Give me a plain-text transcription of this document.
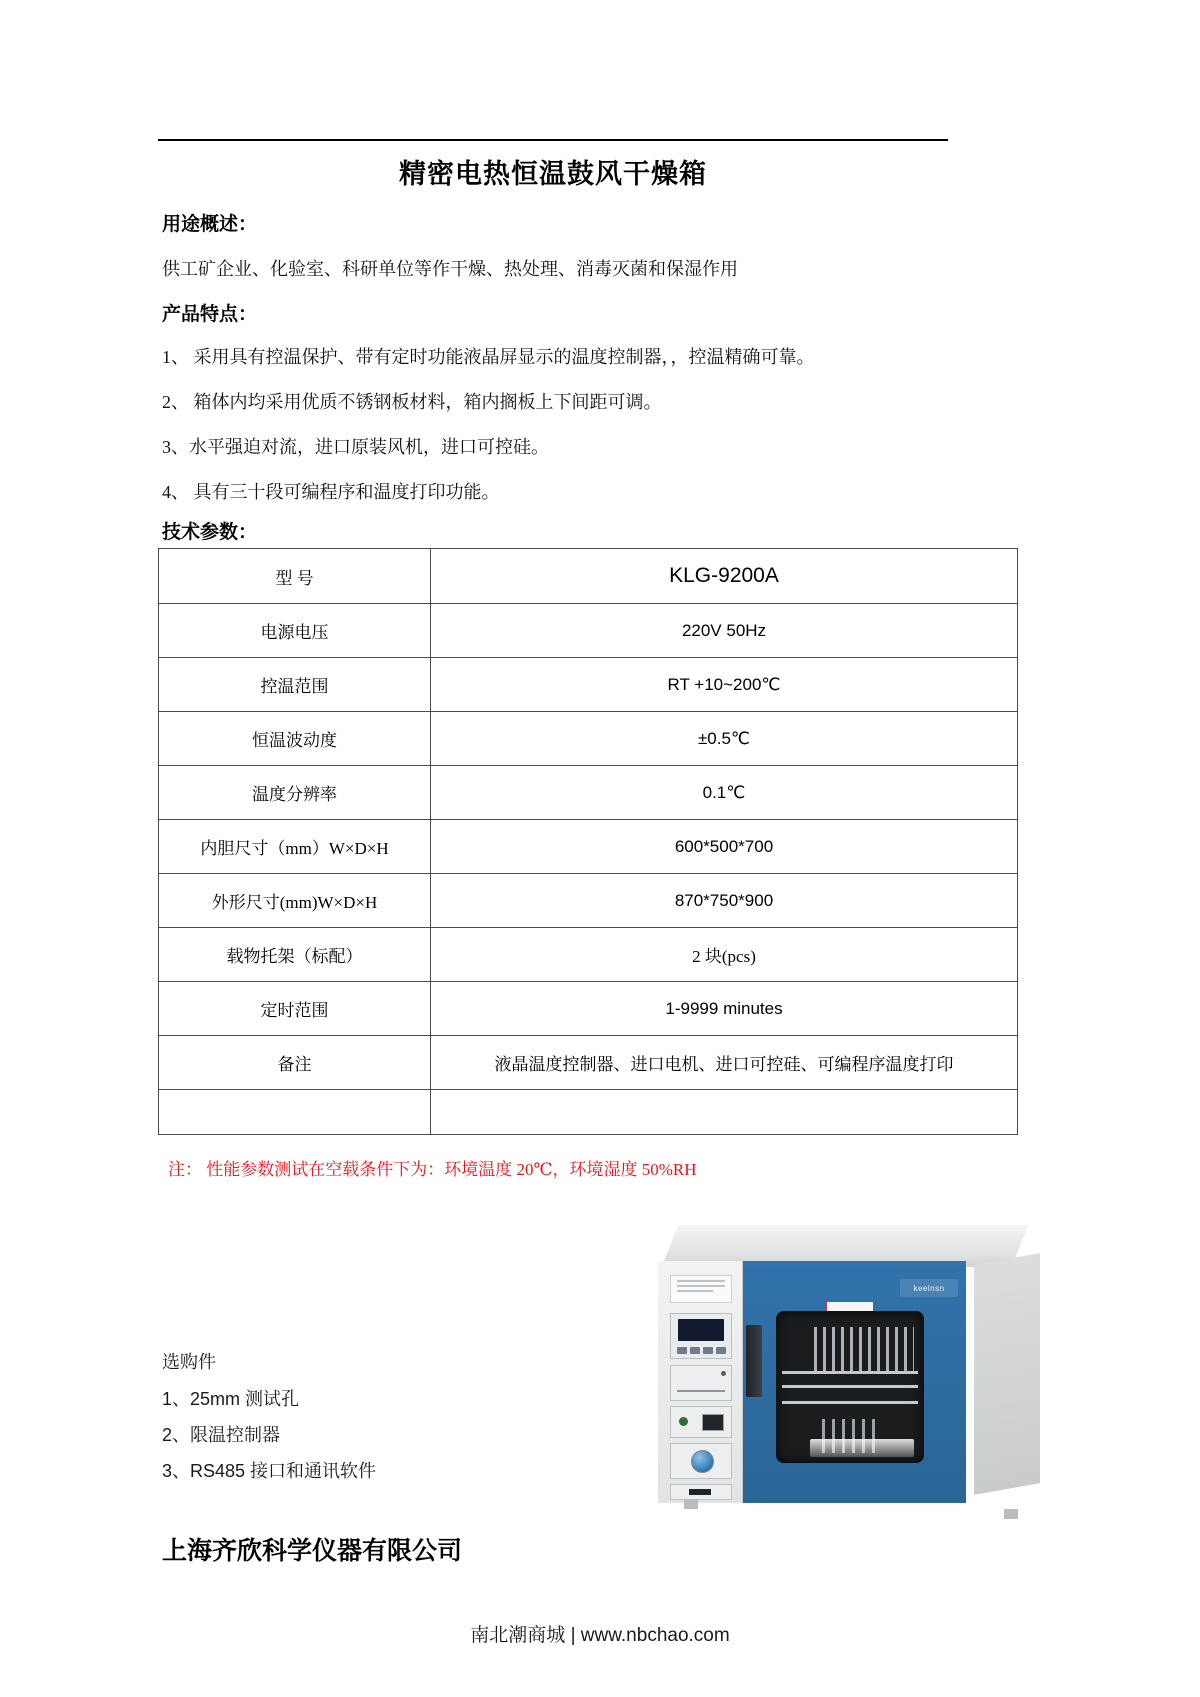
精密电热恒温鼓风干燥箱
用途概述：
供工矿企业、化验室、科研单位等作干燥、热处理、消毒灭菌和保湿作用
产品特点：
1、 采用具有控温保护、带有定时功能液晶屏显示的温度控制器，，控温精确可靠。
2、 箱体内均采用优质不锈钢板材料，箱内搁板上下间距可调。
3、水平强迫对流，进口原装风机，进口可控硅。
4、 具有三十段可编程序和温度打印功能。
技术参数：
型 号	KLG-9200A
电源电压	220V 50Hz
控温范围	RT +10~200℃
恒温波动度	±0.5℃
温度分辨率	0.1℃
内胆尺寸（mm）W×D×H	600*500*700
外形尺寸(mm)W×D×H	870*750*900
载物托架（标配）	2 块(pcs)
定时范围	1-9999 minutes
备注	液晶温度控制器、进口电机、进口可控硅、可编程序温度打印

注： 性能参数测试在空载条件下为：环境温度 20℃，环境湿度 50%RH
选购件
1、25mm 测试孔
2、限温控制器
3、RS485 接口和通讯软件
上海齐欣科学仪器有限公司
南北潮商城 | www.nbchao.com
keelnsn
